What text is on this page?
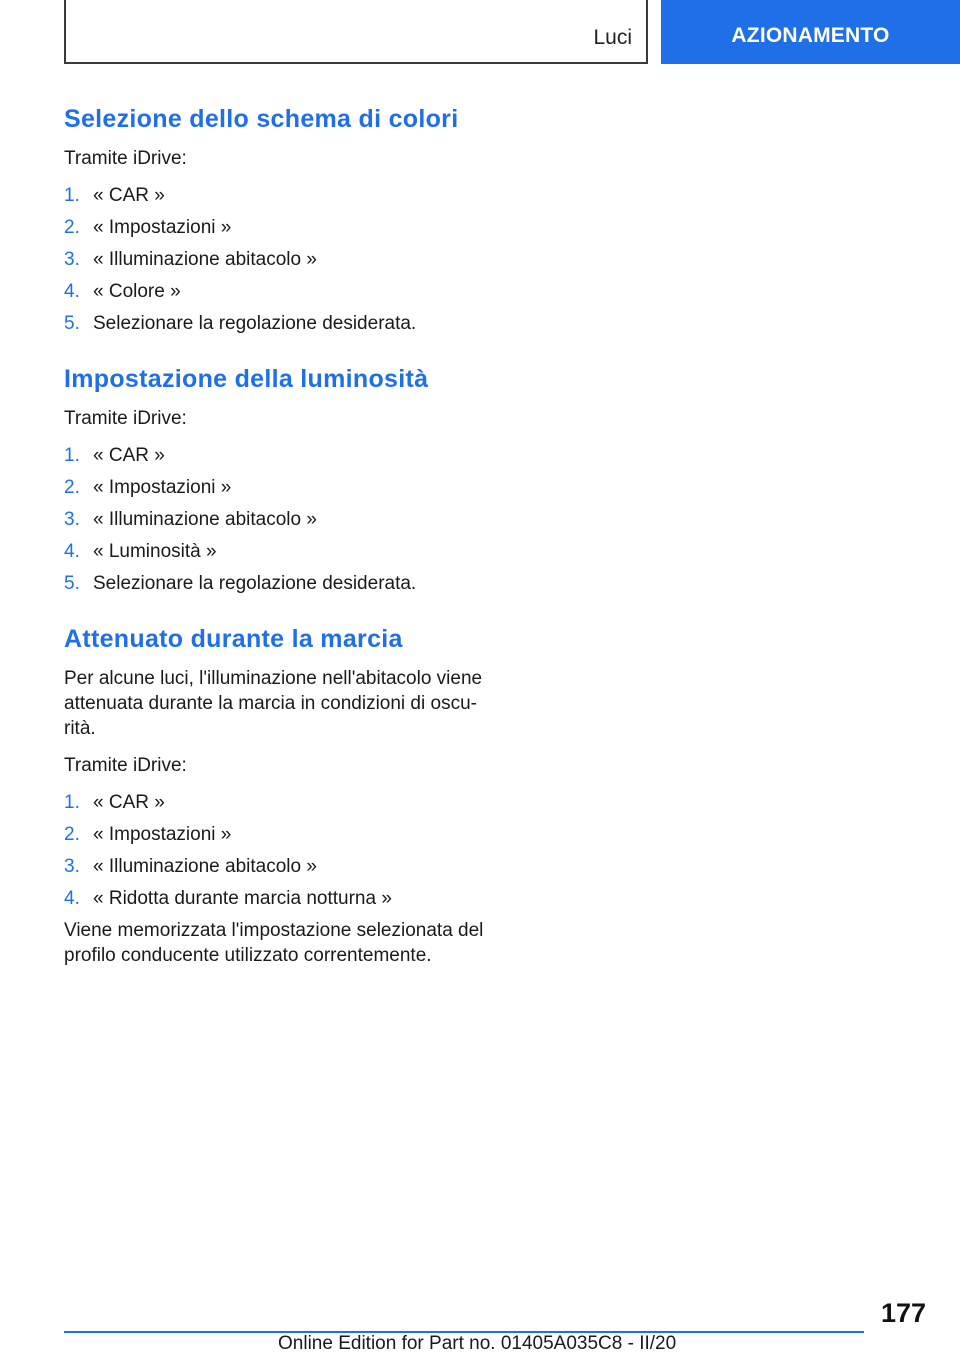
Luci	AZIONAMENTO
Selezione dello schema di colori

Tramite iDrive:

1. « CAR »
2. « Impostazioni »
3. « Illuminazione abitacolo »
4. « Colore »
5. Selezionare la regolazione desiderata.
Impostazione della luminosità

Tramite iDrive:

1. « CAR »
2. « Impostazioni »
3. « Illuminazione abitacolo »
4. « Luminosità »
5. Selezionare la regolazione desiderata.
Attenuato durante la marcia

Per alcune luci, l'illuminazione nell'abitacolo viene attenuata durante la marcia in condizioni di oscurità.

Tramite iDrive:

1. « CAR »
2. « Impostazioni »
3. « Illuminazione abitacolo »
4. « Ridotta durante marcia notturna »

Viene memorizzata l'impostazione selezionata del profilo conducente utilizzato correntemente.

177
Online Edition for Part no. 01405A035C8 - II/20
